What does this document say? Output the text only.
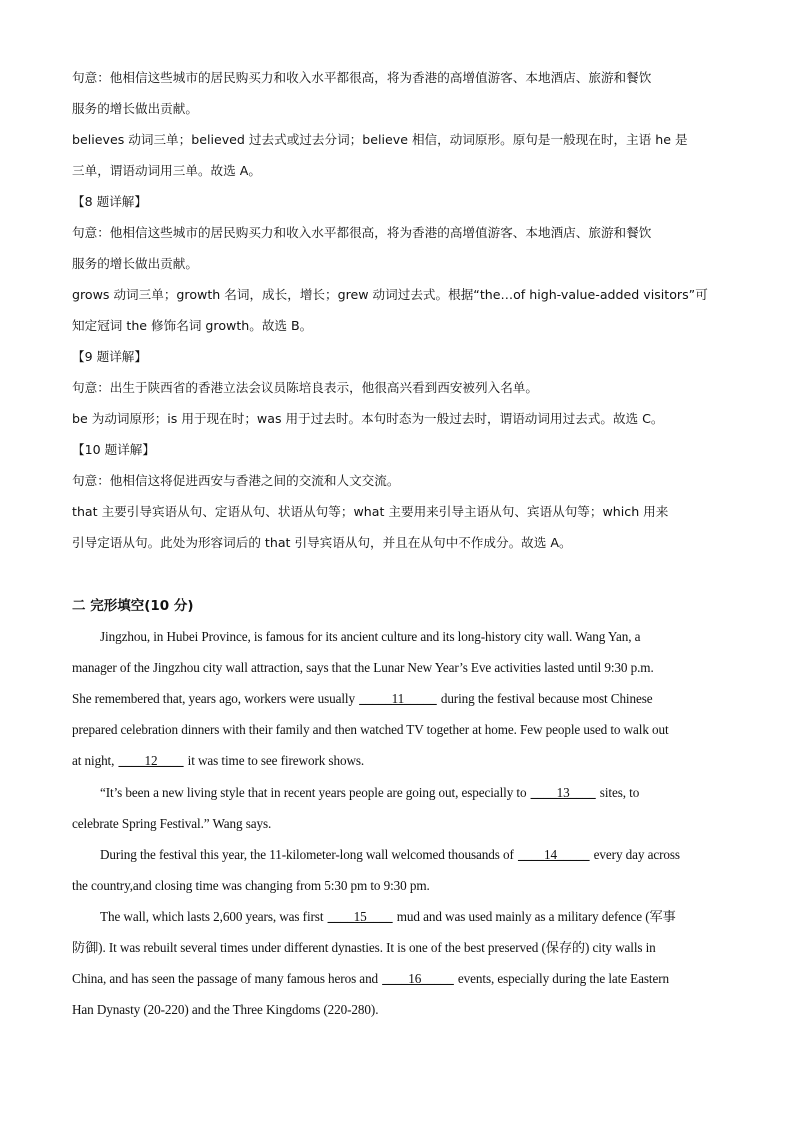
句意：他相信这些城市的居民购买力和收入水平都很高，将为香港的高增值游客、本地酒店、旅游和餐饮
服务的增长做出贡献。
believes 动词三单；believed 过去式或过去分词；believe 相信，动词原形。原句是一般现在时，主语 he 是
三单，谓语动词用三单。故选 A。
【8 题详解】
句意：他相信这些城市的居民购买力和收入水平都很高，将为香港的高增值游客、本地酒店、旅游和餐饮
服务的增长做出贡献。
grows 动词三单；growth 名词，成长，增长；grew 动词过去式。根据“the…of high-value-added visitors”可
知定冠词 the 修饰名词 growth。故选 B。
【9 题详解】
句意：出生于陕西省的香港立法会议员陈培良表示，他很高兴看到西安被列入名单。
be 为动词原形；is 用于现在时；was 用于过去时。本句时态为一般过去时，谓语动词用过去式。故选 C。
【10 题详解】
句意：他相信这将促进西安与香港之间的交流和人文交流。
that 主要引导宾语从句、定语从句、状语从句等；what 主要用来引导主语从句、宾语从句等；which 用来
引导定语从句。此处为形容词后的 that 引导宾语从句，并且在从句中不作成分。故选 A。
二 完形填空(10 分)
Jingzhou, in Hubei Province, is famous for its ancient culture and its long-history city wall. Wang Yan, a
manager of the Jingzhou city wall attraction, says that the Lunar New Year’s Eve activities lasted until 9:30 p.m.
She remembered that, years ago, workers were usually _____11_____ during the festival because most Chinese
prepared celebration dinners with their family and then watched TV together at home. Few people used to walk out
at night, ____12____ it was time to see firework shows.
“It’s been a new living style that in recent years people are going out, especially to ____13____ sites, to
celebrate Spring Festival.” Wang says.
During the festival this year, the 11-kilometer-long wall welcomed thousands of ____14_____ every day across
the country,and closing time was changing from 5:30 pm to 9:30 pm.
The wall, which lasts 2,600 years, was first ____15____ mud and was used mainly as a military defence (军事
防御). It was rebuilt several times under different dynasties. It is one of the best preserved (保存的) city walls in
China, and has seen the passage of many famous heros and ____16_____ events, especially during the late Eastern
Han Dynasty (20-220) and the Three Kingdoms (220-280).
